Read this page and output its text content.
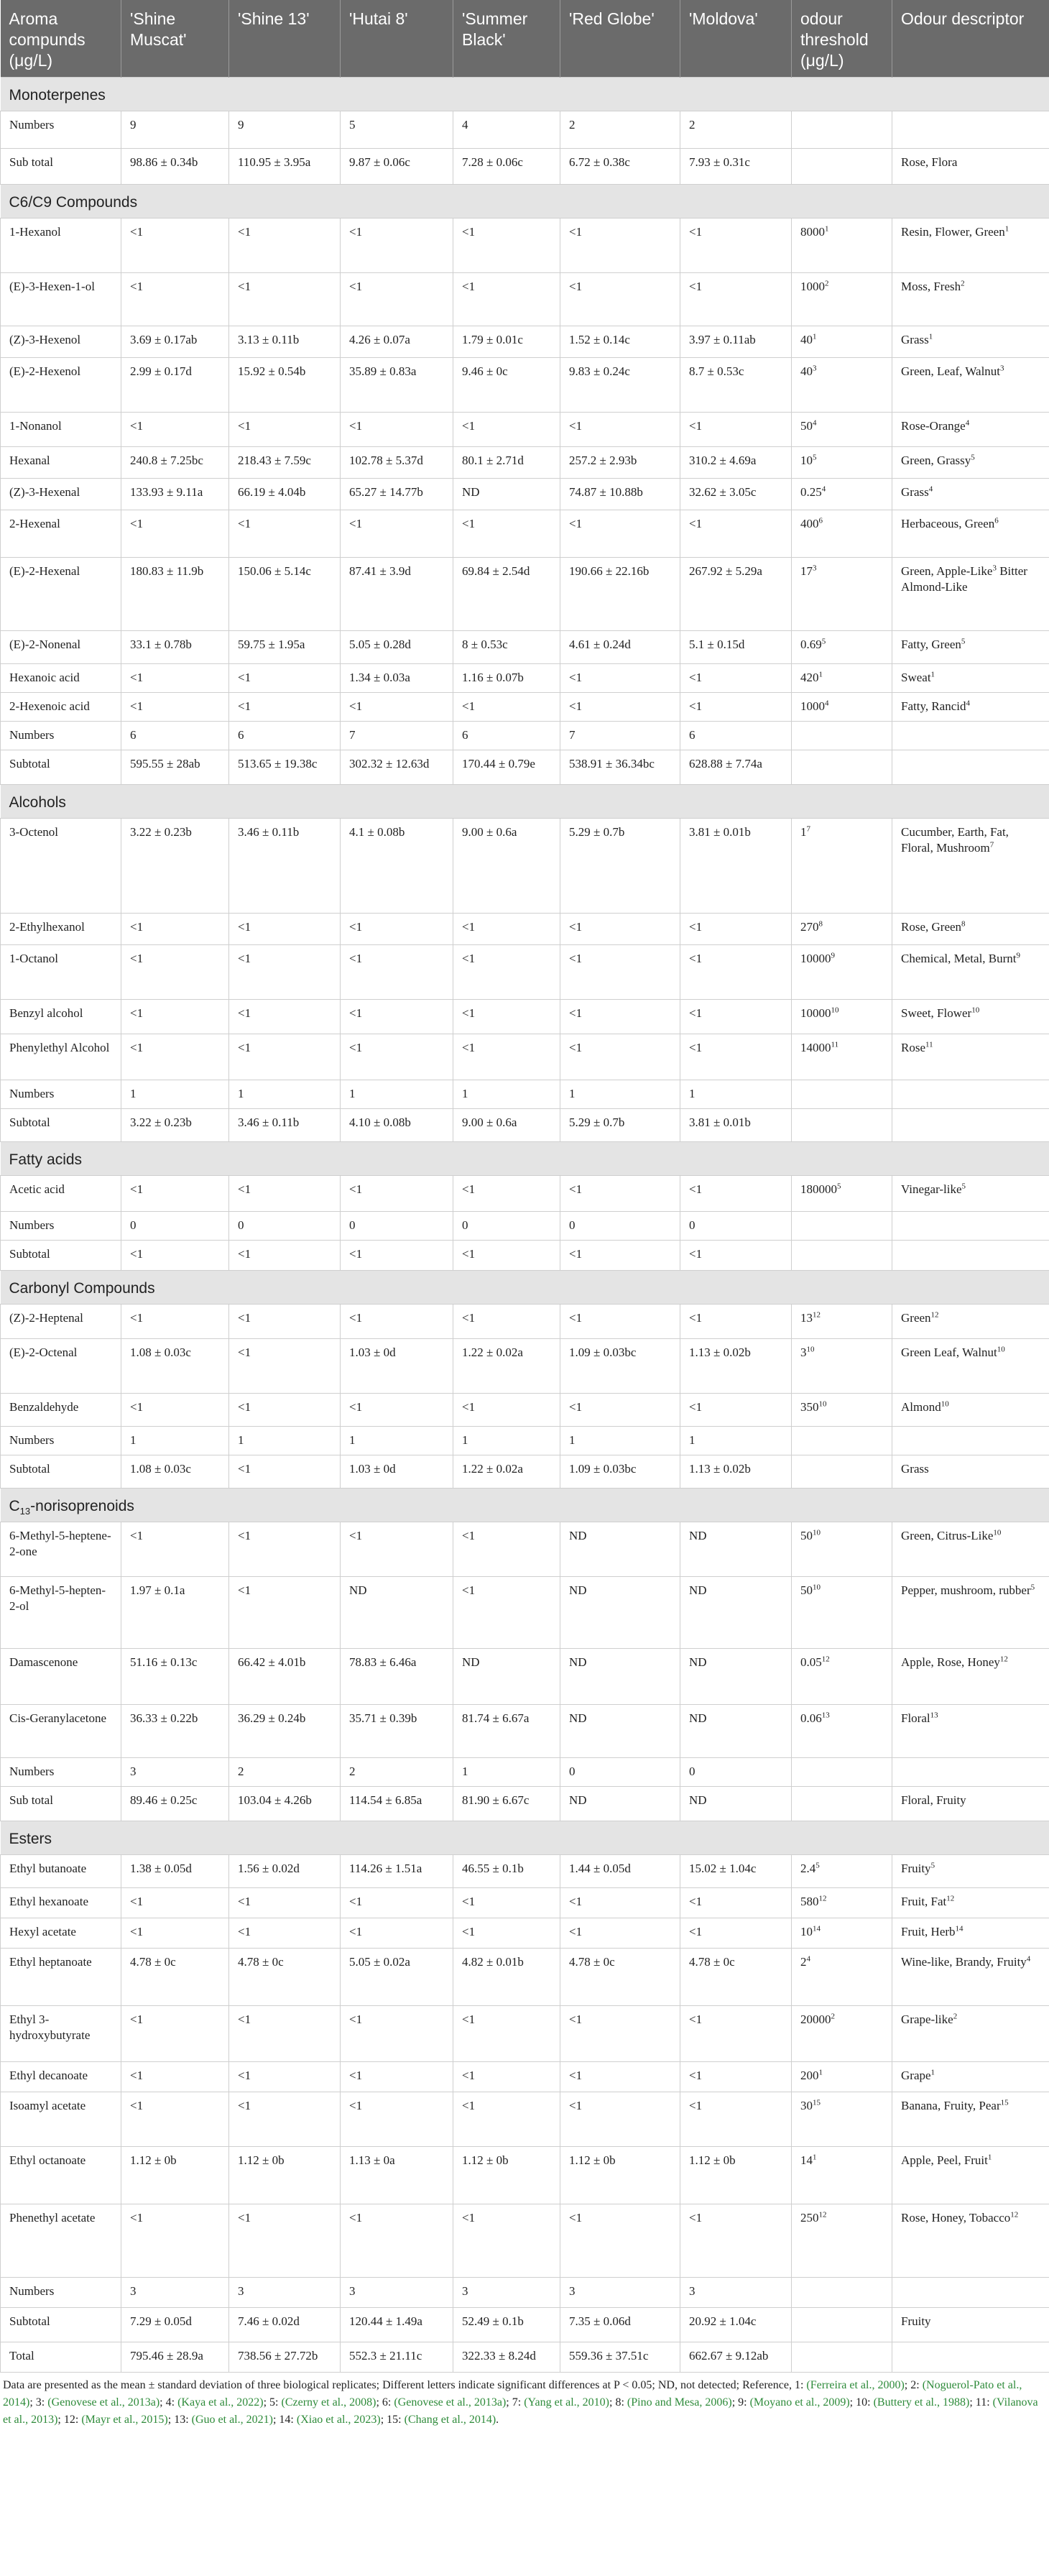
Aroma compunds (μg/L)	'Shine Muscat'	'Shine 13'	'Hutai 8'	'Summer Black'	'Red Globe'	'Moldova'	odour threshold (μg/L)	Odour descriptor
Monoterpenes								
Numbers	9	9	5	4	2	2		
Sub total	98.86 ± 0.34b	110.95 ± 3.95a	9.87 ± 0.06c	7.28 ± 0.06c	6.72 ± 0.38c	7.93 ± 0.31c		Rose, Flora
C6/C9 Compounds								
1-Hexanol	<1	<1	<1	<1	<1	<1	8000$^1$	Resin, Flower, Green$^1$
(E)-3-Hexen-1-ol	<1	<1	<1	<1	<1	<1	1000$^2$	Moss, Fresh$^2$
(Z)-3-Hexenol	3.69 ± 0.17ab	3.13 ± 0.11b	4.26 ± 0.07a	1.79 ± 0.01c	1.52 ± 0.14c	3.97 ± 0.11ab	$40^1$	Grass$^1$
(E)-2-Hexenol	2.99 ± 0.17d	15.92 ± 0.54b	35.89 ± 0.83a	9.46 ± 0c	9.83 ± 0.24c	8.7 ± 0.53c	$40^3$	Green, Leaf, Walnut$^3$
1-Nonanol	<1	<1	<1	<1	<1	<1	$50^4$	Rose-Orange$^4$
Hexanal	240.8 ± 7.25bc	218.43 ± 7.59c	102.78 ± 5.37d	80.1 ± 2.71d	257.2 ± 2.93b	310.2 ± 4.69a	$10^5$	Green, Grassy$^5$
(Z)-3-Hexenal	133.93 ± 9.11a	66.19 ± 4.04b	65.27 ± 14.77b	ND	74.87 ± 10.88b	32.62 ± 3.05c	0.25$^4$	Grass$^4$
2-Hexenal	<1	<1	<1	<1	<1	<1	$400^6$	Herbaceous, Green$^6$
(E)-2-Hexenal	180.83 ± 11.9b	150.06 ± 5.14c	87.41 ± 3.9d	69.84 ± 2.54d	190.66 ± 22.16b	267.92 ± 5.29a	$17^3$	Green, Apple-Like$^3$ Bitter Almond-Like
(E)-2-Nonenal	33.1 ± 0.78b	59.75 ± 1.95a	5.05 ± 0.28d	8 ± 0.53c	4.61 ± 0.24d	5.1 ± 0.15d	0.69$^5$	Fatty, Green$^5$
Hexanoic acid	<1	<1	1.34 ± 0.03a	1.16 ± 0.07b	<1	<1	$420^1$	Sweat$^1$
2-Hexenoic acid	<1	<1	<1	<1	<1	<1	1000$^4$	Fatty, Rancid$^4$
Numbers	6	6	7	6	7	6		
Subtotal	595.55 ± 28ab	513.65 ± 19.38c	302.32 ± 12.63d	170.44 ± 0.79e	538.91 ± 36.34bc	628.88 ± 7.74a		
Alcohols								
3-Octenol	3.22 ± 0.23b	3.46 ± 0.11b	4.1 ± 0.08b	9.00 ± 0.6a	5.29 ± 0.7b	3.81 ± 0.01b	$1^7$	Cucumber, Earth, Fat, Floral, Mushroom$^7$
2-Ethylhexanol	<1	<1	<1	<1	<1	<1	$270^8$	Rose, Green$^8$
1-Octanol	<1	<1	<1	<1	<1	<1	10000$^9$	Chemical, Metal, Burnt$^9$
Benzyl alcohol	<1	<1	<1	<1	<1	<1	10000$^{10}$	Sweet, Flower$^{10}$
Phenylethyl Alcohol	<1	<1	<1	<1	<1	<1	14000$^{11}$	Rose$^{11}$
Numbers	1	1	1	1	1	1		
Subtotal	3.22 ± 0.23b	3.46 ± 0.11b	4.10 ± 0.08b	9.00 ± 0.6a	5.29 ± 0.7b	3.81 ± 0.01b		
Fatty acids								
Acetic acid	<1	<1	<1	<1	<1	<1	180000$^5$	Vinegar-like$^5$
Numbers	0	0	0	0	0	0		
Subtotal	<1	<1	<1	<1	<1	<1		
Carbonyl Compounds								
(Z)-2-Heptenal	<1	<1	<1	<1	<1	<1	$13^{12}$	Green$^{12}$
(E)-2-Octenal	1.08 ± 0.03c	<1	1.03 ± 0d	1.22 ± 0.02a	1.09 ± 0.03bc	1.13 ± 0.02b	$3^{10}$	Green Leaf, Walnut$^{10}$
Benzaldehyde	<1	<1	<1	<1	<1	<1	$350^{10}$	Almond$^{10}$
Numbers	1	1	1	1	1	1		
Subtotal	1.08 ± 0.03c	<1	1.03 ± 0d	1.22 ± 0.02a	1.09 ± 0.03bc	1.13 ± 0.02b		Grass
$C_{13}$-norisoprenoids								
6-Methyl-5-heptene-2-one	<1	<1	<1	<1	ND	ND	$50^{10}$	Green, Citrus-Like$^{10}$
6-Methyl-5-hepten-2-ol	1.97 ± 0.1a	<1	ND	<1	ND	ND	$50^{10}$	Pepper, mushroom, rubber$^5$
Damascenone	51.16 ± 0.13c	66.42 ± 4.01b	78.83 ± 6.46a	ND	ND	ND	0.05$^{12}$	Apple, Rose, Honey$^{12}$
Cis-Geranylacetone	36.33 ± 0.22b	36.29 ± 0.24b	35.71 ± 0.39b	81.74 ± 6.67a	ND	ND	0.06$^{13}$	Floral$^{13}$
Numbers	3	2	2	1	0	0		
Sub total	89.46 ± 0.25c	103.04 ± 4.26b	114.54 ± 6.85a	81.90 ± 6.67c	ND	ND		Floral, Fruity
Esters								
Ethyl butanoate	1.38 ± 0.05d	1.56 ± 0.02d	114.26 ± 1.51a	46.55 ± 0.1b	1.44 ± 0.05d	15.02 ± 1.04c	$2.4^5$	Fruity$^5$
Ethyl hexanoate	<1	<1	<1	<1	<1	<1	$580^{12}$	Fruit, Fat$^{12}$
Hexyl acetate	<1	<1	<1	<1	<1	<1	$10^{14}$	Fruit, Herb$^{14}$
Ethyl heptanoate	4.78 ± 0c	4.78 ± 0c	5.05 ± 0.02a	4.82 ± 0.01b	4.78 ± 0c	4.78 ± 0c	$2^4$	Wine-like, Brandy, Fruity$^4$
Ethyl 3-hydroxybutyrate	<1	<1	<1	<1	<1	<1	20000$^2$	Grape-like$^2$
Ethyl decanoate	<1	<1	<1	<1	<1	<1	$200^1$	Grape$^1$
Isoamyl acetate	<1	<1	<1	<1	<1	<1	$30^{15}$	Banana, Fruity, Pear$^{15}$
Ethyl octanoate	1.12 ± 0b	1.12 ± 0b	1.13 ± 0a	1.12 ± 0b	1.12 ± 0b	1.12 ± 0b	$14^1$	Apple, Peel, Fruit$^1$
Phenethyl acetate	<1	<1	<1	<1	<1	<1	$250^{12}$	Rose, Honey, Tobacco$^{12}$
Numbers	3	3	3	3	3	3		
Subtotal	7.29 ± 0.05d	7.46 ± 0.02d	120.44 ± 1.49a	52.49 ± 0.1b	7.35 ± 0.06d	20.92 ± 1.04c		Fruity
Total	795.46 ± 28.9a	738.56 ± 27.72b	552.3 ± 21.11c	322.33 ± 8.24d	559.36 ± 37.51c	662.67 ± 9.12ab		
Data are presented as the mean ± standard deviation of three biological replicates; Different letters indicate significant differences at P < 0.05; ND, not detected; Reference, 1: (Ferreira et al., 2000); 2: (Noguerol-Pato et al., 2014); 3: (Genovese et al., 2013a); 4: (Kaya et al., 2022); 5: (Czerny et al., 2008); 6: (Genovese et al., 2013a); 7: (Yang et al., 2010); 8: (Pino and Mesa, 2006); 9: (Moyano et al., 2009); 10: (Buttery et al., 1988); 11: (Vilanova et al., 2013); 12: (Mayr et al., 2015); 13: (Guo et al., 2021); 14: (Xiao et al., 2023); 15: (Chang et al., 2014).
